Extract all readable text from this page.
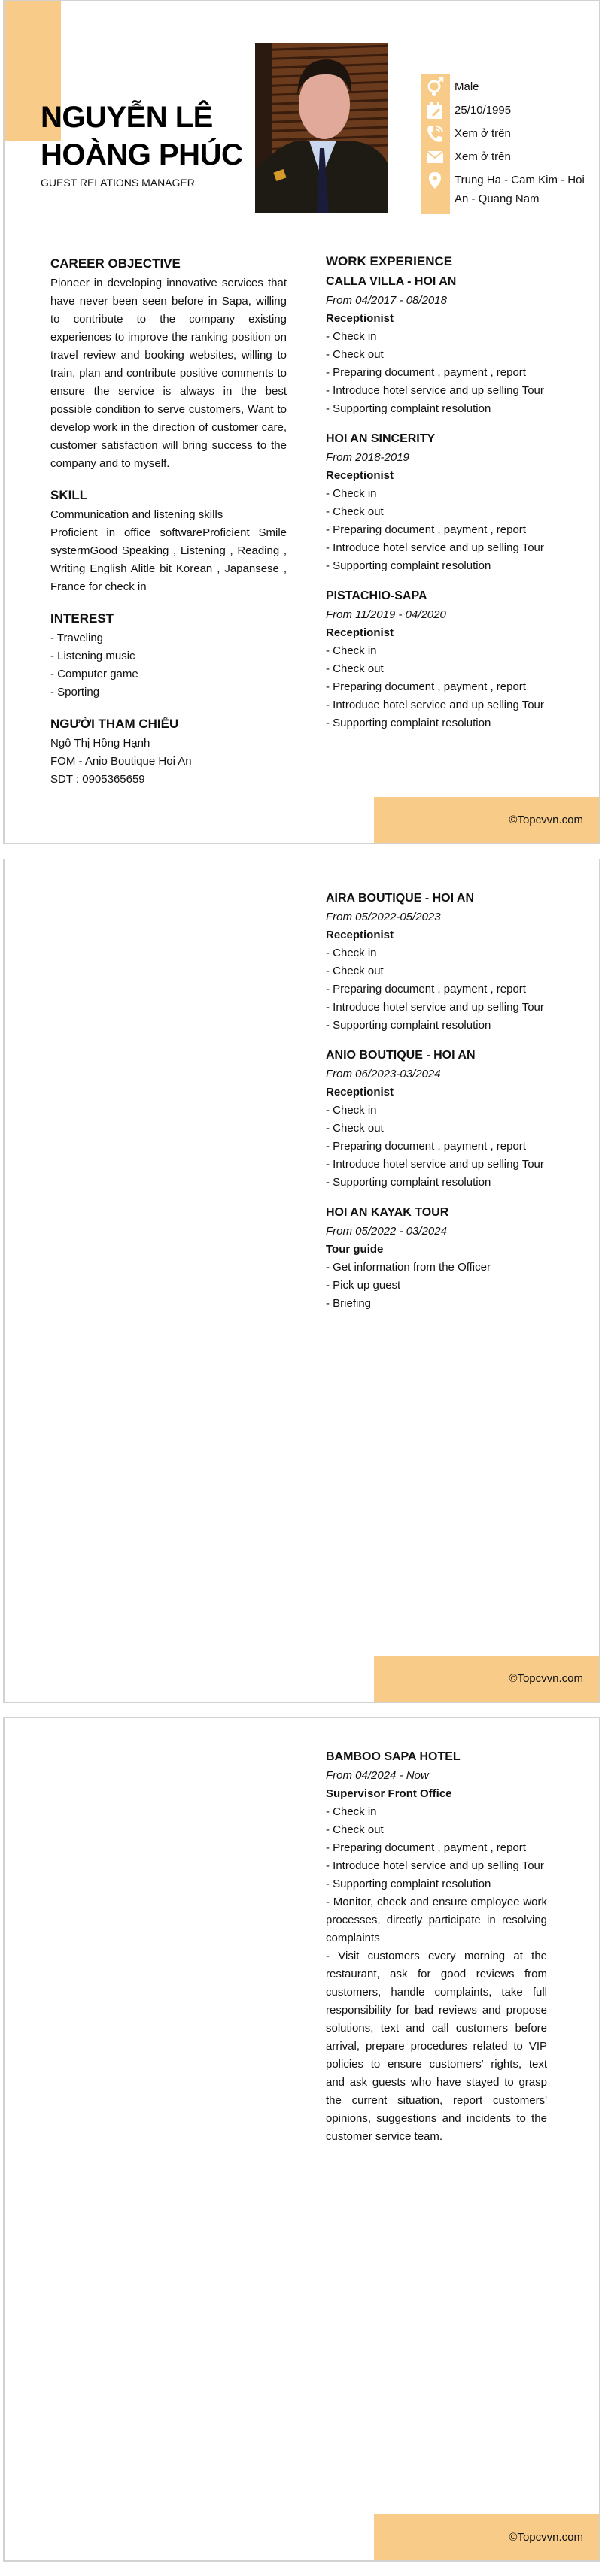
NGUYỄN LÊ
HOÀNG PHÚC
GUEST RELATIONS MANAGER
Male
25/10/1995
Xem ở trên
Xem ở trên
Trung Ha - Cam Kim - Hoi An - Quang Nam
CAREER OBJECTIVE
Pioneer in developing innovative services that have never been seen before in Sapa, willing to contribute to the company existing experiences to improve the ranking position on travel review and booking websites, willing to train, plan and contribute positive comments to ensure the service is always in the best possible condition to serve customers, Want to develop work in the direction of customer care, customer satisfaction will bring success to the company and to myself.
SKILL
Communication and listening skills
Proficient in office softwareProficient Smile systermGood Speaking , Listening , Reading , Writing English Alitle bit Korean , Japansese , France for check in
INTEREST
- Traveling
- Listening music
- Computer game
- Sporting
NGƯỜI THAM CHIẾU
Ngô Thị Hồng Hạnh
FOM - Anio Boutique Hoi An
SDT : 0905365659
WORK EXPERIENCE
CALLA VILLA - HOI AN
From 04/2017 - 08/2018
Receptionist
- Check in
- Check out
- Preparing document , payment , report
- Introduce hotel service and up selling Tour
- Supporting complaint resolution
HOI AN SINCERITY
From 2018-2019
Receptionist
- Check in
- Check out
- Preparing document , payment , report
- Introduce hotel service and up selling Tour
- Supporting complaint resolution
PISTACHIO-SAPA
From 11/2019 - 04/2020
Receptionist
- Check in
- Check out
- Preparing document , payment , report
- Introduce hotel service and up selling Tour
- Supporting complaint resolution
©Topcvvn.com
AIRA BOUTIQUE - HOI AN
From 05/2022-05/2023
Receptionist
- Check in
- Check out
- Preparing document , payment , report
- Introduce hotel service and up selling Tour
- Supporting complaint resolution
ANIO BOUTIQUE - HOI AN
From 06/2023-03/2024
Receptionist
- Check in
- Check out
- Preparing document , payment , report
- Introduce hotel service and up selling Tour
- Supporting complaint resolution
HOI AN KAYAK TOUR
From 05/2022 - 03/2024
Tour guide
- Get information from the Officer
- Pick up guest
- Briefing
©Topcvvn.com
BAMBOO SAPA HOTEL
From 04/2024 - Now
Supervisor Front Office
- Check in
- Check out
- Preparing document , payment , report
- Introduce hotel service and up selling Tour
- Supporting complaint resolution
- Monitor, check and ensure employee work processes, directly participate in resolving complaints
- Visit customers every morning at the restaurant, ask for good reviews from customers, handle complaints, take full responsibility for bad reviews and propose solutions, text and call customers before arrival, prepare procedures related to VIP policies to ensure customers' rights, text and ask guests who have stayed to grasp the current situation, report customers' opinions, suggestions and incidents to the customer service team.
©Topcvvn.com
